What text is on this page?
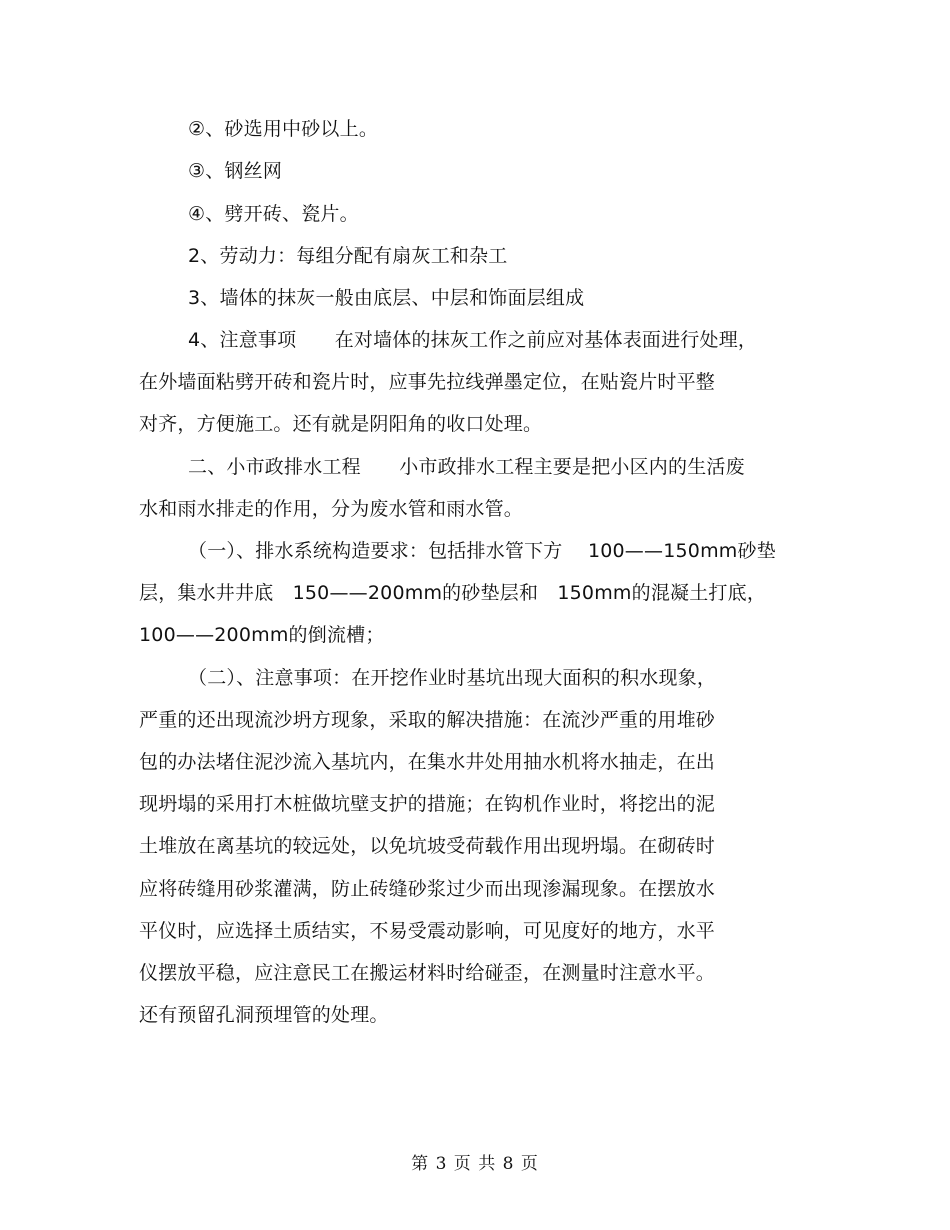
②、砂选用中砂以上。
③、钢丝网
④、劈开砖、瓷片。
2、劳动力：每组分配有扇灰工和杂工
3、墙体的抹灰一般由底层、中层和饰面层组成
4、注意事项　　在对墙体的抹灰工作之前应对基体表面进行处理，
在外墙面粘劈开砖和瓷片时，应事先拉线弹墨定位，在贴瓷片时平整
对齐，方便施工。还有就是阴阳角的收口处理。
二、小市政排水工程　　小市政排水工程主要是把小区内的生活废
水和雨水排走的作用，分为废水管和雨水管。
（一）、排水系统构造要求：包括排水管下方　 100——150mm砂垫
层，集水井井底　150——200mm的砂垫层和　150mm的混凝土打底，
100——200mm的倒流槽；
（二）、注意事项：在开挖作业时基坑出现大面积的积水现象，
严重的还出现流沙坍方现象，采取的解决措施：在流沙严重的用堆砂
包的办法堵住泥沙流入基坑内，在集水井处用抽水机将水抽走，在出
现坍塌的采用打木桩做坑壁支护的措施；在钩机作业时，将挖出的泥
土堆放在离基坑的较远处，以免坑坡受荷载作用出现坍塌。在砌砖时
应将砖缝用砂浆灌满，防止砖缝砂浆过少而出现渗漏现象。在摆放水
平仪时，应选择土质结实，不易受震动影响，可见度好的地方，水平
仪摆放平稳，应注意民工在搬运材料时给碰歪，在测量时注意水平。
还有预留孔洞预埋管的处理。
第 3 页 共 8 页
